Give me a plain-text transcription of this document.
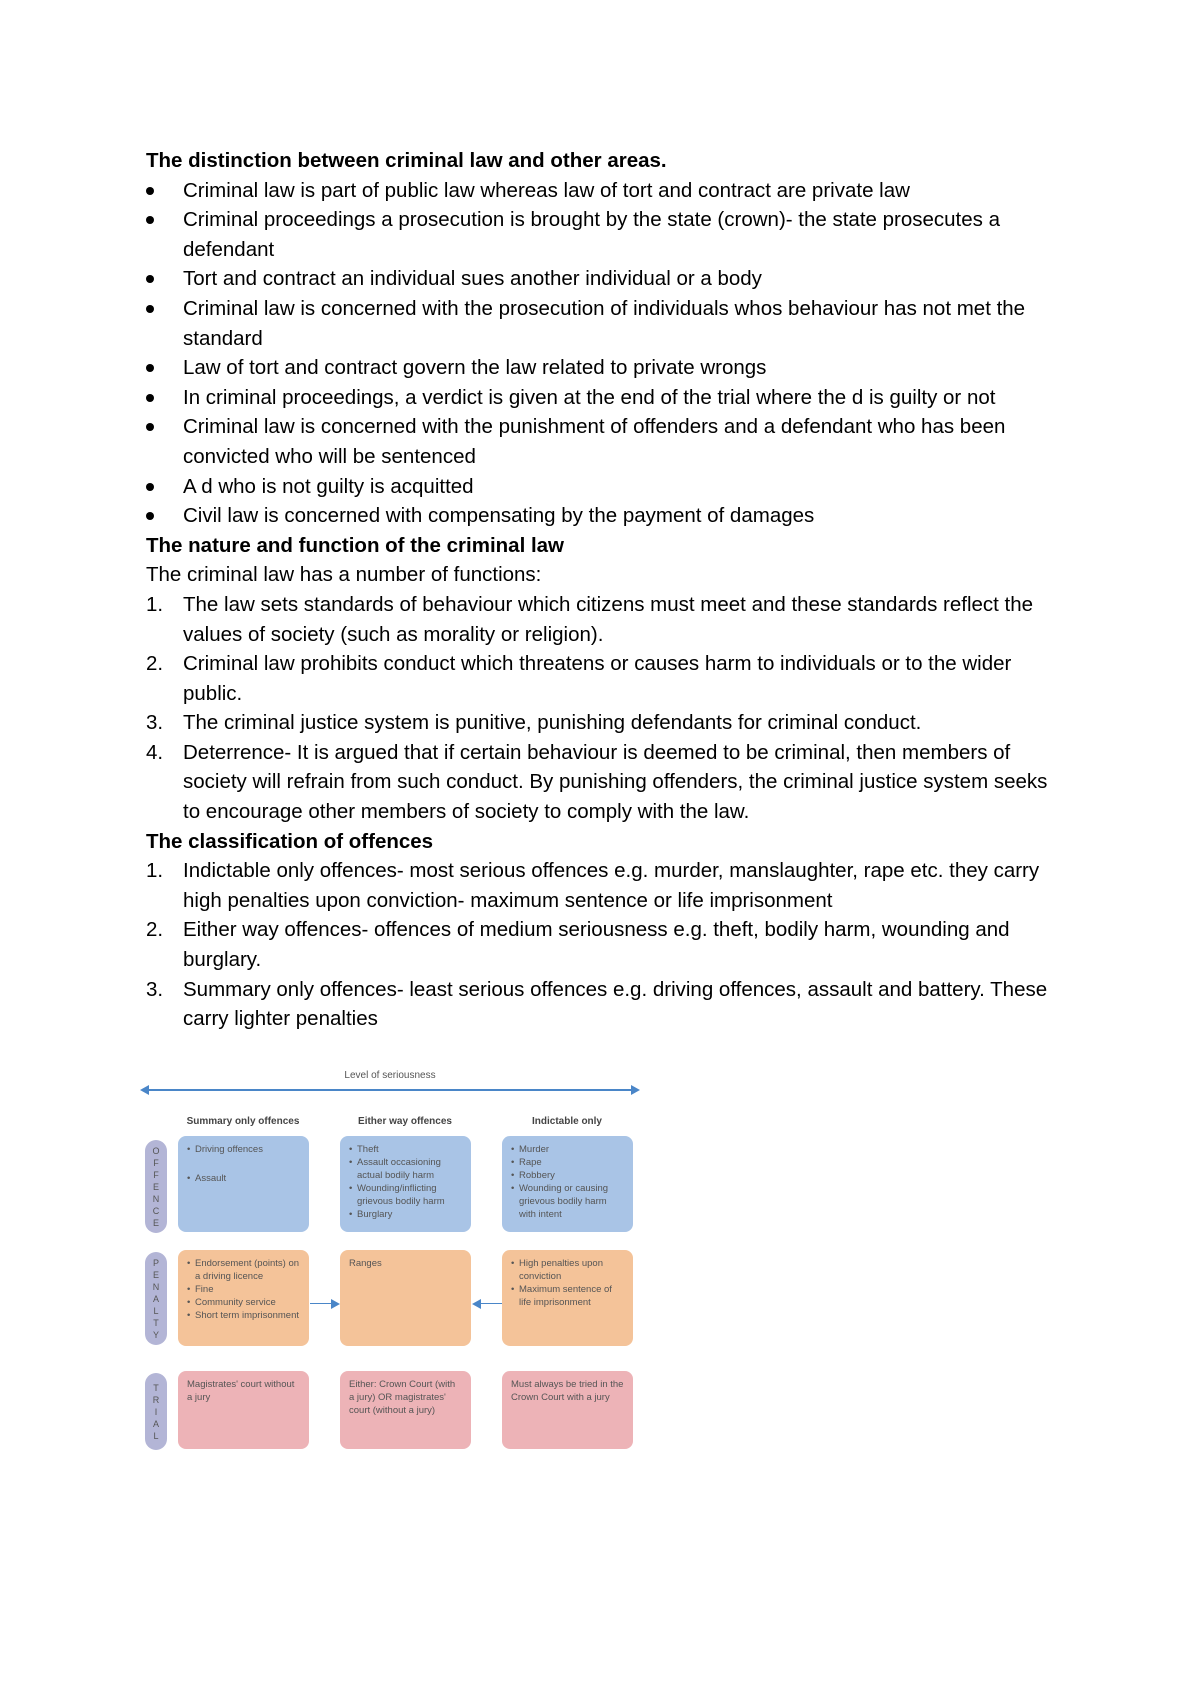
The distinction between criminal law and other areas.

Criminal law is part of public law whereas law of tort and contract are private law
Criminal proceedings a prosecution is brought by the state (crown)- the state prosecutes a defendant
Tort and contract an individual sues another individual or a body
Criminal law is concerned with the prosecution of individuals whos behaviour has not met the standard
Law of tort and contract govern the law related to private wrongs
In criminal proceedings, a verdict is given at the end of the trial where the d is guilty or not
Criminal law is concerned with the punishment of offenders and a defendant who has been convicted who will be sentenced
A d who is not guilty is acquitted
Civil law is concerned with compensating by the payment of damages

The nature and function of the criminal law

The criminal law has a number of functions:

1. The law sets standards of behaviour which citizens must meet and these standards reflect the values of society (such as morality or religion).
2. Criminal law prohibits conduct which threatens or causes harm to individuals or to the wider public.
3. The criminal justice system is punitive, punishing defendants for criminal conduct.
4. Deterrence- It is argued that if certain behaviour is deemed to be criminal, then members of society will refrain from such conduct. By punishing offenders, the criminal justice system seeks to encourage other members of society to comply with the law.

The classification of offences

1. Indictable only offences- most serious offences e.g. murder, manslaughter, rape etc. they carry high penalties upon conviction- maximum sentence or life imprisonment
2. Either way offences- offences of medium seriousness e.g. theft, bodily harm, wounding and burglary.
3. Summary only offences- least serious offences e.g. driving offences, assault and battery. These carry lighter penalties
Level of seriousness
Summary only offences	Either way offences	Indictable only
O F F E N C E
P E N A L T Y
T R I A L
• Driving offences
• Assault
• Theft
• Assault occasioning actual bodily harm
• Wounding/inflicting grievous bodily harm
• Burglary
• Murder
• Rape
• Robbery
• Wounding or causing grievous bodily harm with intent
• Endorsement (points) on a driving licence
• Fine
• Community service
• Short term imprisonment
Ranges
•	High penalties upon conviction
• Maximum sentence of life imprisonment
Magistrates' court without a jury
Either: Crown Court (with a jury) OR magistrates' court (without a jury)
Must always be tried in the Crown Court with a jury
